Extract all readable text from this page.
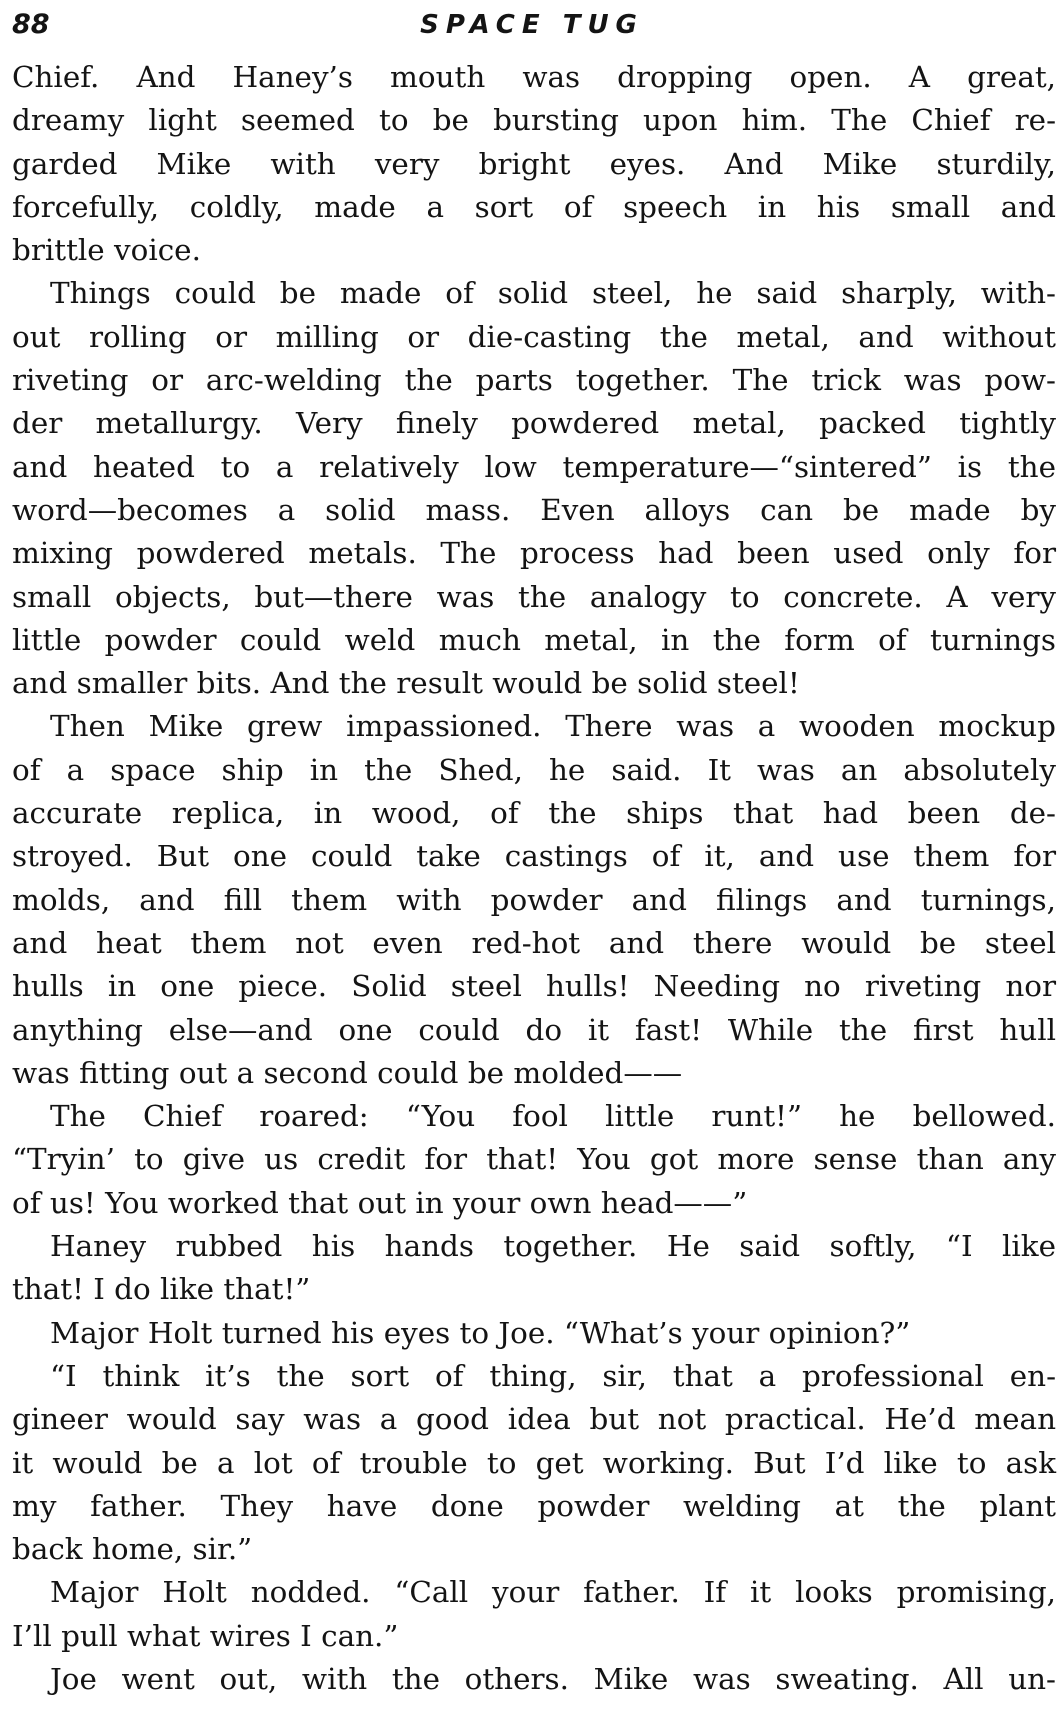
88	SPACE TUG
Chief. And Haney’s mouth was dropping open. A great,
dreamy light seemed to be bursting upon him. The Chief re-
garded Mike with very bright eyes. And Mike sturdily,
forcefully, coldly, made a sort of speech in his small and
brittle voice.
Things could be made of solid steel, he said sharply, with-
out rolling or milling or die-casting the metal, and without
riveting or arc-welding the parts together. The trick was pow-
der metallurgy. Very finely powdered metal, packed tightly
and heated to a relatively low temperature—“sintered” is the
word—becomes a solid mass. Even alloys can be made by
mixing powdered metals. The process had been used only for
small objects, but—there was the analogy to concrete. A very
little powder could weld much metal, in the form of turnings
and smaller bits. And the result would be solid steel!
Then Mike grew impassioned. There was a wooden mockup
of a space ship in the Shed, he said. It was an absolutely
accurate replica, in wood, of the ships that had been de-
stroyed. But one could take castings of it, and use them for
molds, and fill them with powder and filings and turnings,
and heat them not even red-hot and there would be steel
hulls in one piece. Solid steel hulls! Needing no riveting nor
anything else—and one could do it fast! While the first hull
was fitting out a second could be molded——
The Chief roared: “You fool little runt!” he bellowed.
“Tryin’ to give us credit for that! You got more sense than any
of us! You worked that out in your own head——”
Haney rubbed his hands together. He said softly, “I like
that! I do like that!”
Major Holt turned his eyes to Joe. “What’s your opinion?”
“I think it’s the sort of thing, sir, that a professional en-
gineer would say was a good idea but not practical. He’d mean
it would be a lot of trouble to get working. But I’d like to ask
my father. They have done powder welding at the plant
back home, sir.”
Major Holt nodded. “Call your father. If it looks promising,
I’ll pull what wires I can.”
Joe went out, with the others. Mike was sweating. All un-
